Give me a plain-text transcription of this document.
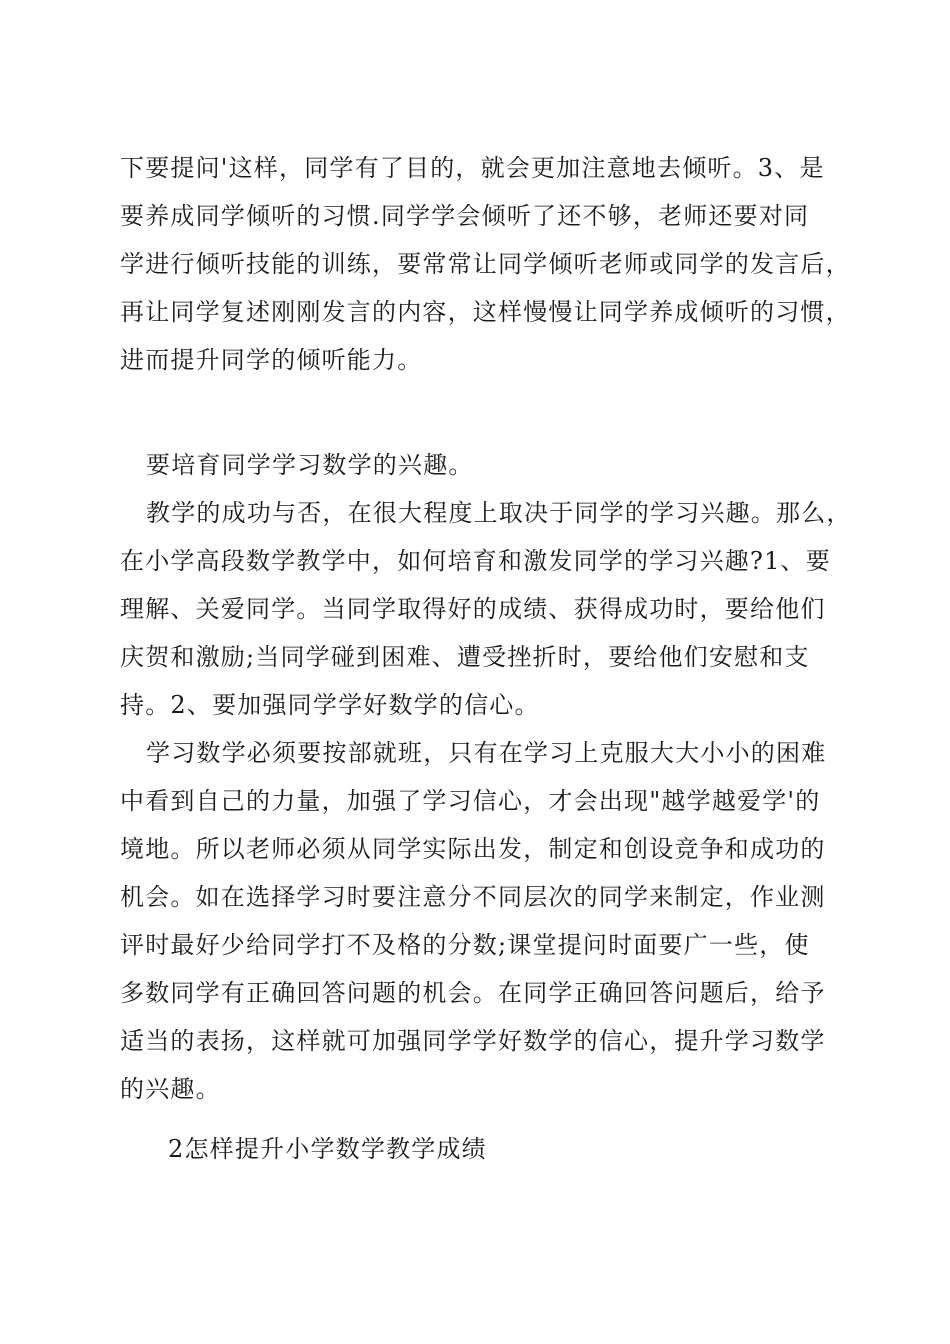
下要提问'这样，同学有了目的，就会更加注意地去倾听。3、是
要养成同学倾听的习惯.同学学会倾听了还不够，老师还要对同
学进行倾听技能的训练，要常常让同学倾听老师或同学的发言后，
再让同学复述刚刚发言的内容，这样慢慢让同学养成倾听的习惯，
进而提升同学的倾听能力。
要培育同学学习数学的兴趣。
教学的成功与否，在很大程度上取决于同学的学习兴趣。那么，
在小学高段数学教学中，如何培育和激发同学的学习兴趣?1、要
理解、关爱同学。当同学取得好的成绩、获得成功时，要给他们
庆贺和激励;当同学碰到困难、遭受挫折时，要给他们安慰和支
持。2、要加强同学学好数学的信心。
学习数学必须要按部就班，只有在学习上克服大大小小的困难
中看到自己的力量，加强了学习信心，才会出现"越学越爱学'的
境地。所以老师必须从同学实际出发，制定和创设竞争和成功的
机会。如在选择学习时要注意分不同层次的同学来制定，作业测
评时最好少给同学打不及格的分数;课堂提问时面要广一些，使
多数同学有正确回答问题的机会。在同学正确回答问题后，给予
适当的表扬，这样就可加强同学学好数学的信心，提升学习数学
的兴趣。
2怎样提升小学数学教学成绩
